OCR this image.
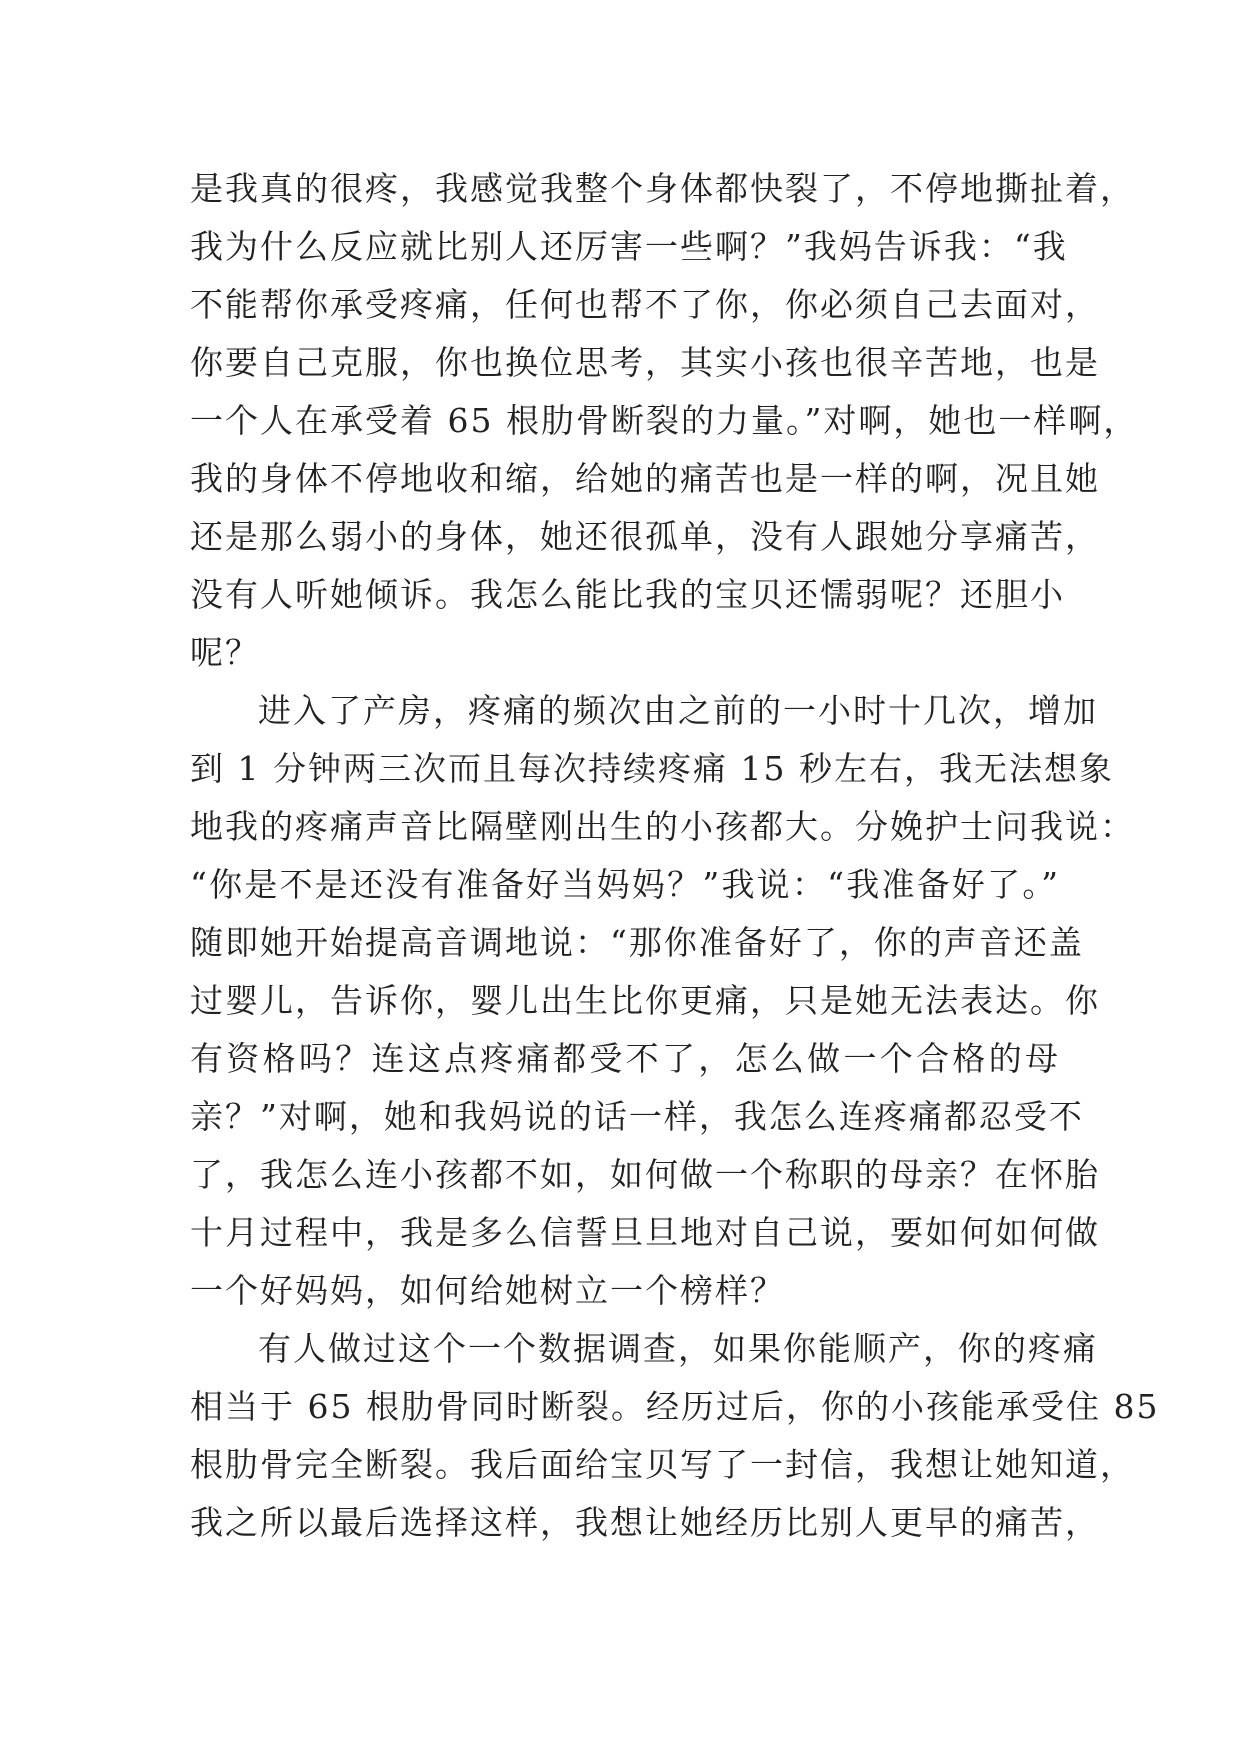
是我真的很疼，我感觉我整个身体都快裂了，不停地撕扯着，
我为什么反应就比别人还厉害一些啊？”我妈告诉我：“我
不能帮你承受疼痛，任何也帮不了你，你必须自己去面对，
你要自己克服，你也换位思考，其实小孩也很辛苦地，也是
一个人在承受着 65 根肋骨断裂的力量。”对啊，她也一样啊，
我的身体不停地收和缩，给她的痛苦也是一样的啊，况且她
还是那么弱小的身体，她还很孤单，没有人跟她分享痛苦，
没有人听她倾诉。我怎么能比我的宝贝还懦弱呢？还胆小
呢？
进入了产房，疼痛的频次由之前的一小时十几次，增加
到 1 分钟两三次而且每次持续疼痛 15 秒左右，我无法想象
地我的疼痛声音比隔壁刚出生的小孩都大。分娩护士问我说：
“你是不是还没有准备好当妈妈？”我说：“我准备好了。”
随即她开始提高音调地说：“那你准备好了，你的声音还盖
过婴儿，告诉你，婴儿出生比你更痛，只是她无法表达。你
有资格吗？连这点疼痛都受不了，怎么做一个合格的母
亲？”对啊，她和我妈说的话一样，我怎么连疼痛都忍受不
了，我怎么连小孩都不如，如何做一个称职的母亲？在怀胎
十月过程中，我是多么信誓旦旦地对自己说，要如何如何做
一个好妈妈，如何给她树立一个榜样？
有人做过这个一个数据调查，如果你能顺产，你的疼痛
相当于 65 根肋骨同时断裂。经历过后，你的小孩能承受住 85
根肋骨完全断裂。我后面给宝贝写了一封信，我想让她知道，
我之所以最后选择这样，我想让她经历比别人更早的痛苦，
